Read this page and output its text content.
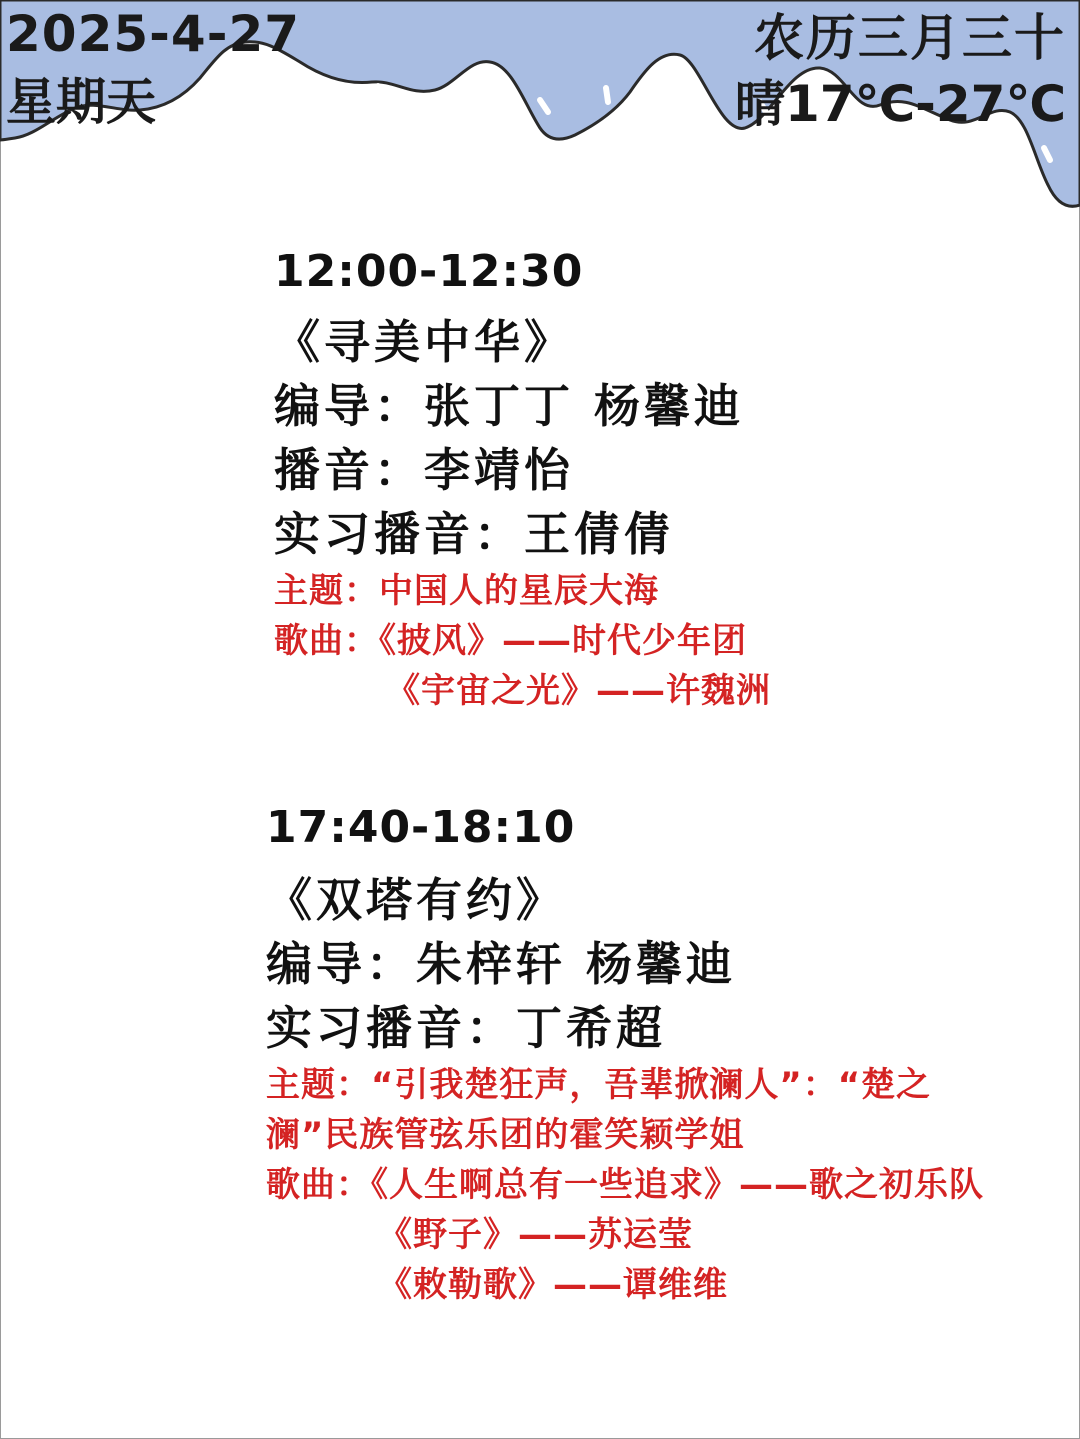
2025-4-27
星期天
农历三月三十
晴17℃-27℃
12:00-12:30
《寻美中华》
编导：张丁丁 杨馨迪
播音：李靖怡
实习播音：王倩倩
主题：中国人的星辰大海
歌曲：《披风》——时代少年团
《宇宙之光》——许魏洲
17:40-18:10
《双塔有约》
编导：朱梓轩 杨馨迪
实习播音：丁希超
主题：“引我楚狂声，吾辈掀澜人”：“楚之
澜”民族管弦乐团的霍笑颖学姐
歌曲：《人生啊总有一些追求》——歌之初乐队
《野子》——苏运莹
《敕勒歌》——谭维维
